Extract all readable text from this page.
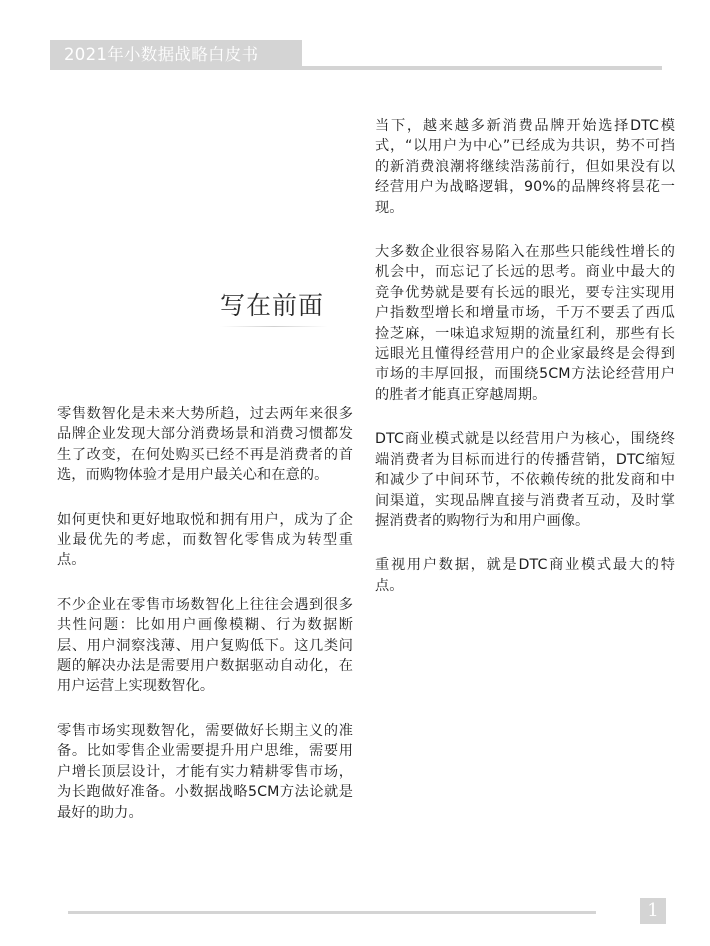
2021年小数据战略白皮书
写在前面

零售数智化是未来大势所趋，过去两年来很多品牌企业发现大部分消费场景和消费习惯都发生了改变，在何处购买已经不再是消费者的首选，而购物体验才是用户最关心和在意的。

如何更快和更好地取悦和拥有用户，成为了企业最优先的考虑，而数智化零售成为转型重点。

不少企业在零售市场数智化上往往会遇到很多共性问题：比如用户画像模糊、行为数据断层、用户洞察浅薄、用户复购低下。这几类问题的解决办法是需要用户数据驱动自动化，在用户运营上实现数智化。

零售市场实现数智化，需要做好长期主义的准备。比如零售企业需要提升用户思维，需要用户增长顶层设计，才能有实力精耕零售市场，为长跑做好准备。小数据战略5CM方法论就是最好的助力。

当下，越来越多新消费品牌开始选择DTC模式，“以用户为中心”已经成为共识，势不可挡的新消费浪潮将继续浩荡前行，但如果没有以经营用户为战略逻辑，90%的品牌终将昙花一现。

大多数企业很容易陷入在那些只能线性增长的机会中，而忘记了长远的思考。商业中最大的竞争优势就是要有长远的眼光，要专注实现用户指数型增长和增量市场，千万不要丢了西瓜捡芝麻，一味追求短期的流量红利，那些有长远眼光且懂得经营用户的企业家最终是会得到市场的丰厚回报，而围绕5CM方法论经营用户的胜者才能真正穿越周期。

DTC商业模式就是以经营用户为核心，围绕终端消费者为目标而进行的传播营销，DTC缩短和减少了中间环节，不依赖传统的批发商和中间渠道，实现品牌直接与消费者互动，及时掌握消费者的购物行为和用户画像。

重视用户数据，就是DTC商业模式最大的特点。

1
